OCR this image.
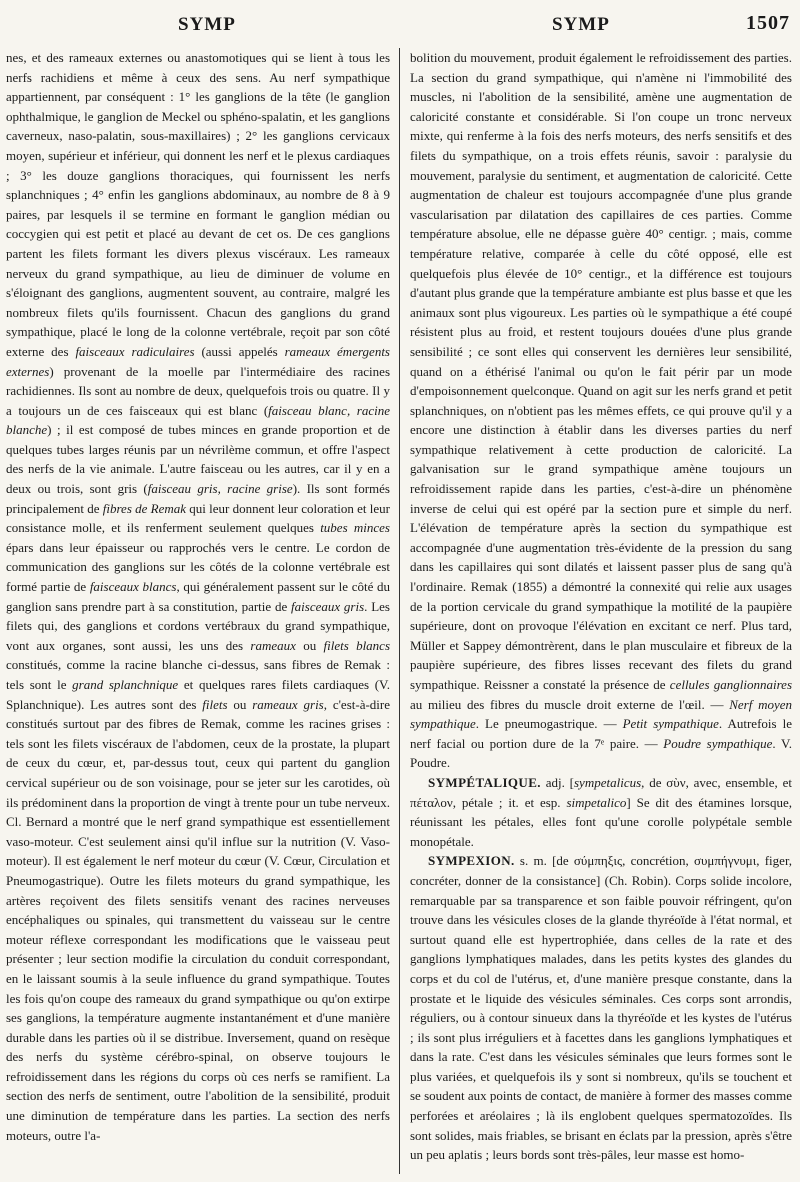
SYMP	SYMP	1507

nes, et des rameaux externes ou anastomotiques qui se lient à tous les nerfs rachidiens et même à ceux des sens. Au nerf sympathique appartiennent, par conséquent : 1° les ganglions de la tête (le ganglion ophthalmique, le ganglion de Meckel ou sphéno-spalatin, et les ganglions caverneux, naso-palatin, sous-maxillaires) ; 2° les ganglions cervicaux moyen, supérieur et inférieur, qui donnent les nerf et le plexus cardiaques ; 3° les douze ganglions thoraciques, qui fournissent les nerfs splanchniques ; 4° enfin les ganglions abdominaux, au nombre de 8 à 9 paires, par lesquels il se termine en formant le ganglion médian ou coccygien qui est petit et placé au devant de cet os. De ces ganglions partent les filets formant les divers plexus viscéraux. Les rameaux nerveux du grand sympathique, au lieu de diminuer de volume en s'éloignant des ganglions, augmentent souvent, au contraire, malgré les nombreux filets qu'ils fournissent. Chacun des ganglions du grand sympathique, placé le long de la colonne vertébrale, reçoit par son côté externe des faisceaux radiculaires (aussi appelés rameaux émergents externes) provenant de la moelle par l'intermédiaire des racines rachidiennes. Ils sont au nombre de deux, quelquefois trois ou quatre. Il y a toujours un de ces faisceaux qui est blanc (faisceau blanc, racine blanche) ; il est composé de tubes minces en grande proportion et de quelques tubes larges réunis par un névrilème commun, et offre l'aspect des nerfs de la vie animale. L'autre faisceau ou les autres, car il y en a deux ou trois, sont gris (faisceau gris, racine grise). Ils sont formés principalement de fibres de Remak qui leur donnent leur coloration et leur consistance molle, et ils renferment seulement quelques tubes minces épars dans leur épaisseur ou rapprochés vers le centre. Le cordon de communication des ganglions sur les côtés de la colonne vertébrale est formé partie de faisceaux blancs, qui généralement passent sur le côté du ganglion sans prendre part à sa constitution, partie de faisceaux gris. Les filets qui, des ganglions et cordons vertébraux du grand sympathique, vont aux organes, sont aussi, les uns des rameaux ou filets blancs constitués, comme la racine blanche ci-dessus, sans fibres de Remak : tels sont le grand splanchnique et quelques rares filets cardiaques (V. Splanchnique). Les autres sont des filets ou rameaux gris, c'est-à-dire constitués surtout par des fibres de Remak, comme les racines grises : tels sont les filets viscéraux de l'abdomen, ceux de la prostate, la plupart de ceux du cœur, et, par-dessus tout, ceux qui partent du ganglion cervical supérieur ou de son voisinage, pour se jeter sur les carotides, où ils prédominent dans la proportion de vingt à trente pour un tube nerveux. Cl. Bernard a montré que le nerf grand sympathique est essentiellement vaso-moteur. C'est seulement ainsi qu'il influe sur la nutrition (V. Vaso-moteur). Il est également le nerf moteur du cœur (V. Cœur, Circulation et Pneumogastrique). Outre les filets moteurs du grand sympathique, les artères reçoivent des filets sensitifs venant des racines nerveuses encéphaliques ou spinales, qui transmettent du vaisseau sur le centre moteur réflexe correspondant les modifications que le vaisseau peut présenter ; leur section modifie la circulation du conduit correspondant, en le laissant soumis à la seule influence du grand sympathique. Toutes les fois qu'on coupe des rameaux du grand sympathique ou qu'on extirpe ses ganglions, la température augmente instantanément et d'une manière durable dans les parties où il se distribue. Inversement, quand on resèque des nerfs du système cérébro-spinal, on observe toujours le refroidissement dans les régions du corps où ces nerfs se ramifient. La section des nerfs de sentiment, outre l'abolition de la sensibilité, produit une diminution de température dans les parties. La section des nerfs moteurs, outre l'a-

bolition du mouvement, produit également le refroidissement des parties. La section du grand sympathique, qui n'amène ni l'immobilité des muscles, ni l'abolition de la sensibilité, amène une augmentation de caloricité constante et considérable. Si l'on coupe un tronc nerveux mixte, qui renferme à la fois des nerfs moteurs, des nerfs sensitifs et des filets du sympathique, on a trois effets réunis, savoir : paralysie du mouvement, paralysie du sentiment, et augmentation de caloricité. Cette augmentation de chaleur est toujours accompagnée d'une plus grande vascularisation par dilatation des capillaires de ces parties. Comme température absolue, elle ne dépasse guère 40° centigr. ; mais, comme température relative, comparée à celle du côté opposé, elle est quelquefois plus élevée de 10° centigr., et la différence est toujours d'autant plus grande que la température ambiante est plus basse et que les animaux sont plus vigoureux. Les parties où le sympathique a été coupé résistent plus au froid, et restent toujours douées d'une plus grande sensibilité ; ce sont elles qui conservent les dernières leur sensibilité, quand on a éthérisé l'animal ou qu'on le fait périr par un mode d'empoisonnement quelconque. Quand on agit sur les nerfs grand et petit splanchniques, on n'obtient pas les mêmes effets, ce qui prouve qu'il y a encore une distinction à établir dans les diverses parties du nerf sympathique relativement à cette production de caloricité. La galvanisation sur le grand sympathique amène toujours un refroidissement rapide dans les parties, c'est-à-dire un phénomène inverse de celui qui est opéré par la section pure et simple du nerf. L'élévation de température après la section du sympathique est accompagnée d'une augmentation très-évidente de la pression du sang dans les capillaires qui sont dilatés et laissent passer plus de sang qu'à l'ordinaire. Remak (1855) a démontré la connexité qui relie aux usages de la portion cervicale du grand sympathique la motilité de la paupière supérieure, dont on provoque l'élévation en excitant ce nerf. Plus tard, Müller et Sappey démontrèrent, dans le plan musculaire et fibreux de la paupière supérieure, des fibres lisses recevant des filets du grand sympathique. Reissner a constaté la présence de cellules ganglionnaires au milieu des fibres du muscle droit externe de l'œil. — Nerf moyen sympathique. Le pneumogastrique. — Petit sympathique. Autrefois le nerf facial ou portion dure de la 7ᵉ paire. — Poudre sympathique. V. Poudre.

SYMPÉTALIQUE. adj. [sympetalicus, de σὺν, avec, ensemble, et πέταλον, pétale ; it. et esp. simpetalico] Se dit des étamines lorsque, réunissant les pétales, elles font qu'une corolle polypétale semble monopétale.

SYMPEXION. s. m. [de σύμπηξις, concrétion, συμπήγνυμι, figer, concréter, donner de la consistance] (Ch. Robin). Corps solide incolore, remarquable par sa transparence et son faible pouvoir réfringent, qu'on trouve dans les vésicules closes de la glande thyréoïde à l'état normal, et surtout quand elle est hypertrophiée, dans celles de la rate et des ganglions lymphatiques malades, dans les petits kystes des glandes du corps et du col de l'utérus, et, d'une manière presque constante, dans la prostate et le liquide des vésicules séminales. Ces corps sont arrondis, réguliers, ou à contour sinueux dans la thyréoïde et les kystes de l'utérus ; ils sont plus irréguliers et à facettes dans les ganglions lymphatiques et dans la rate. C'est dans les vésicules séminales que leurs formes sont le plus variées, et quelquefois ils y sont si nombreux, qu'ils se touchent et se soudent aux points de contact, de manière à former des masses comme perforées et aréolaires ; là ils englobent quelques spermatozoïdes. Ils sont solides, mais friables, se brisant en éclats par la pression, après s'être un peu aplatis ; leurs bords sont très-pâles, leur masse est homo-
